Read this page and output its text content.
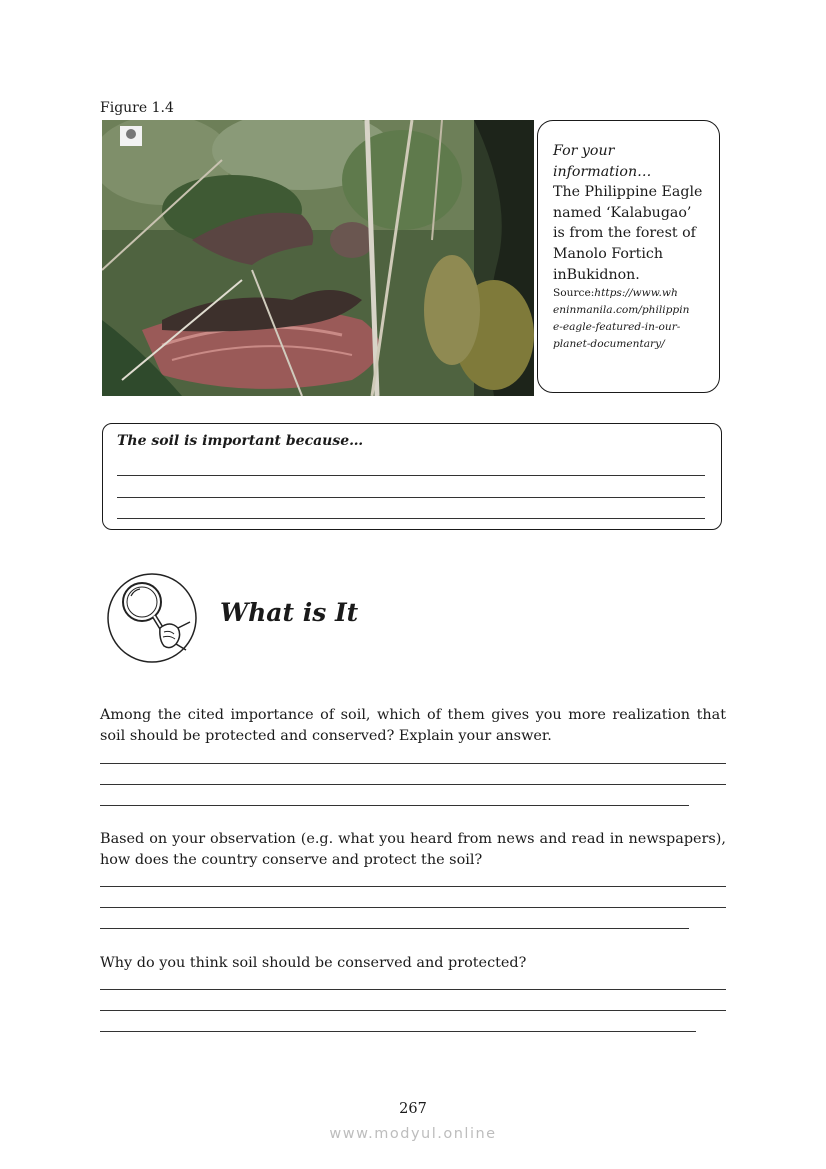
Figure 1.4
For your
information…
The Philippine Eagle
named ‘Kalabugao’
is from the forest of
Manolo Fortich
inBukidnon.
Source:https://www.wh
eninmanila.com/philippin
e-eagle-featured-in-our-
planet-documentary/
The soil is important because…
What is It
Among the cited importance of soil, which of them gives you more realization that soil should be protected and conserved? Explain your answer.
Based on your observation (e.g. what you heard from news and read in newspapers), how does the country conserve and protect the soil?
Why do you think soil should be conserved and protected?
267
www.modyul.online
